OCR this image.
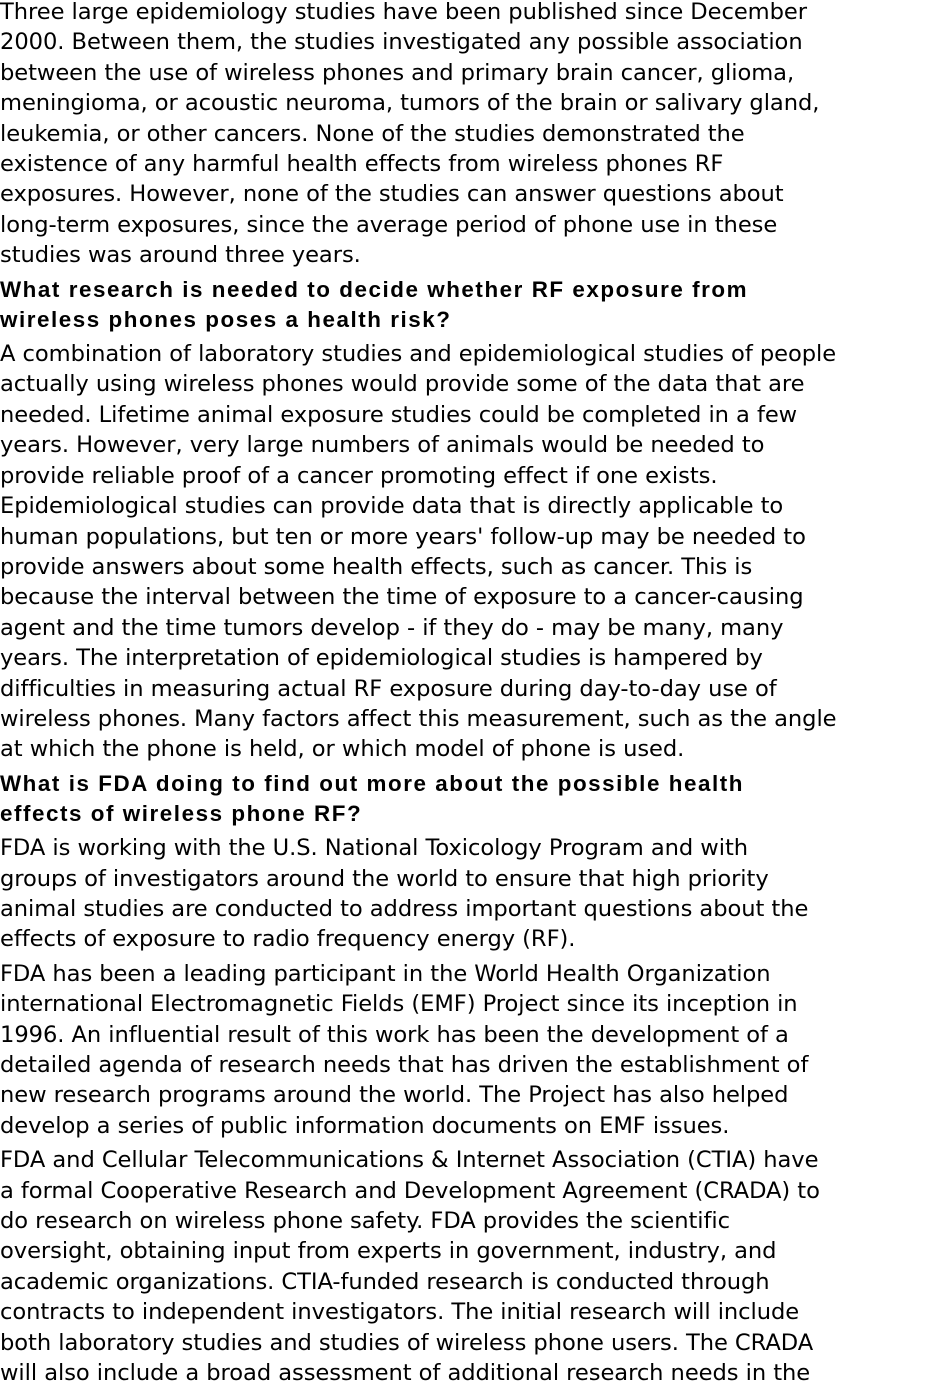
Three large epidemiology studies have been published since December
2000. Between them, the studies investigated any possible association
between the use of wireless phones and primary brain cancer, glioma,
meningioma, or acoustic neuroma, tumors of the brain or salivary gland,
leukemia, or other cancers. None of the studies demonstrated the
existence of any harmful health effects from wireless phones RF
exposures. However, none of the studies can answer questions about
long-term exposures, since the average period of phone use in these
studies was around three years.

What research is needed to decide whether RF exposure from
wireless phones poses a health risk?

A combination of laboratory studies and epidemiological studies of people
actually using wireless phones would provide some of the data that are
needed. Lifetime animal exposure studies could be completed in a few
years. However, very large numbers of animals would be needed to
provide reliable proof of a cancer promoting effect if one exists.
Epidemiological studies can provide data that is directly applicable to
human populations, but ten or more years' follow-up may be needed to
provide answers about some health effects, such as cancer. This is
because the interval between the time of exposure to a cancer-causing
agent and the time tumors develop - if they do - may be many, many
years. The interpretation of epidemiological studies is hampered by
difficulties in measuring actual RF exposure during day-to-day use of
wireless phones. Many factors affect this measurement, such as the angle
at which the phone is held, or which model of phone is used.

What is FDA doing to find out more about the possible health
effects of wireless phone RF?

FDA is working with the U.S. National Toxicology Program and with
groups of investigators around the world to ensure that high priority
animal studies are conducted to address important questions about the
effects of exposure to radio frequency energy (RF).

FDA has been a leading participant in the World Health Organization
international Electromagnetic Fields (EMF) Project since its inception in
1996. An influential result of this work has been the development of a
detailed agenda of research needs that has driven the establishment of
new research programs around the world. The Project has also helped
develop a series of public information documents on EMF issues.

FDA and Cellular Telecommunications & Internet Association (CTIA) have
a formal Cooperative Research and Development Agreement (CRADA) to
do research on wireless phone safety. FDA provides the scientific
oversight, obtaining input from experts in government, industry, and
academic organizations. CTIA-funded research is conducted through
contracts to independent investigators. The initial research will include
both laboratory studies and studies of wireless phone users. The CRADA
will also include a broad assessment of additional research needs in the
